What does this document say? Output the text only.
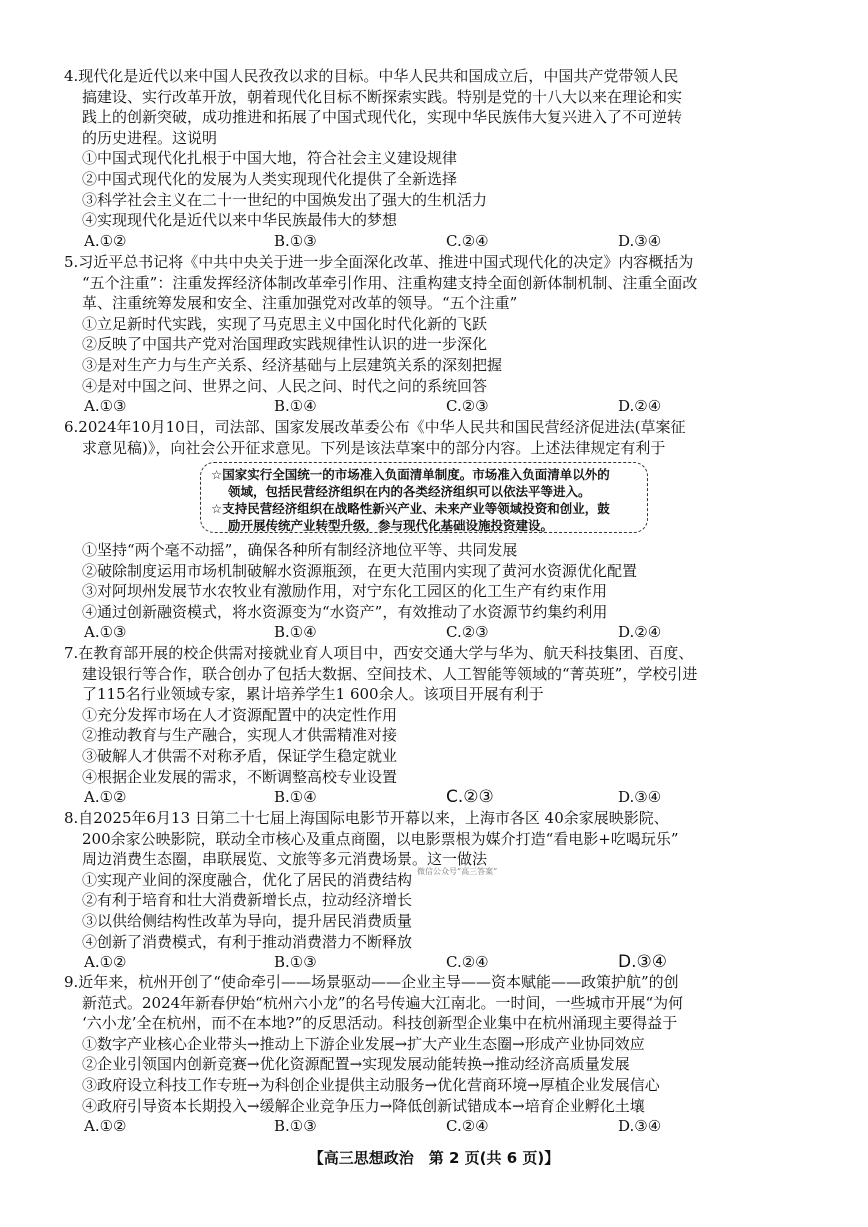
4.现代化是近代以来中国人民孜孜以求的目标。中华人民共和国成立后，中国共产党带领人民
搞建设、实行改革开放，朝着现代化目标不断探索实践。特别是党的十八大以来在理论和实
践上的创新突破，成功推进和拓展了中国式现代化，实现中华民族伟大复兴进入了不可逆转
的历史进程。这说明
①中国式现代化扎根于中国大地，符合社会主义建设规律
②中国式现代化的发展为人类实现现代化提供了全新选择
③科学社会主义在二十一世纪的中国焕发出了强大的生机活力
④实现现代化是近代以来中华民族最伟大的梦想
A.①②	B.①③	C.②④	D.③④
5.习近平总书记将《中共中央关于进一步全面深化改革、推进中国式现代化的决定》内容概括为
“五个注重”：注重发挥经济体制改革牵引作用、注重构建支持全面创新体制机制、注重全面改
革、注重统筹发展和安全、注重加强党对改革的领导。“五个注重”
①立足新时代实践，实现了马克思主义中国化时代化新的飞跃
②反映了中国共产党对治国理政实践规律性认识的进一步深化
③是对生产力与生产关系、经济基础与上层建筑关系的深刻把握
④是对中国之问、世界之问、人民之问、时代之问的系统回答
A.①③	B.①④	C.②③	D.②④
6.2024年10月10日，司法部、国家发展改革委公布《中华人民共和国民营经济促进法(草案征
求意见稿)》，向社会公开征求意见。下列是该法草案中的部分内容。上述法律规定有利于
☆国家实行全国统一的市场准入负面清单制度。市场准入负面清单以外的
领域，包括民营经济组织在内的各类经济组织可以依法平等进入。
☆支持民营经济组织在战略性新兴产业、未来产业等领域投资和创业，鼓
励开展传统产业转型升级，参与现代化基础设施投资建设。
①坚持“两个毫不动摇”，确保各种所有制经济地位平等、共同发展
②破除制度运用市场机制破解水资源瓶颈，在更大范围内实现了黄河水资源优化配置
③对阿坝州发展节水农牧业有激励作用，对宁东化工园区的化工生产有约束作用
④通过创新融资模式，将水资源变为“水资产”，有效推动了水资源节约集约利用
A.①③	B.①④	C.②③	D.②④
7.在教育部开展的校企供需对接就业育人项目中，西安交通大学与华为、航天科技集团、百度、
建设银行等合作，联合创办了包括大数据、空间技术、人工智能等领域的“菁英班”，学校引进
了115名行业领域专家，累计培养学生1 600余人。该项目开展有利于
①充分发挥市场在人才资源配置中的决定性作用
②推动教育与生产融合，实现人才供需精准对接
③破解人才供需不对称矛盾，保证学生稳定就业
④根据企业发展的需求，不断调整高校专业设置
A.①②	B.①④	C.②③	D.③④
8.自2025年6月13 日第二十七届上海国际电影节开幕以来，上海市各区 40余家展映影院、
200余家公映影院，联动全市核心及重点商圈，以电影票根为媒介打造“看电影+吃喝玩乐”
周边消费生态圈，串联展览、文旅等多元消费场景。这一做法
①实现产业间的深度融合，优化了居民的消费结构
②有利于培育和壮大消费新增长点，拉动经济增长
③以供给侧结构性改革为导向，提升居民消费质量
④创新了消费模式，有利于推动消费潜力不断释放
A.①②	B.①③	C.②④	D.③④
微信公众号“高三答案”
9.近年来，杭州开创了“使命牵引——场景驱动——企业主导——资本赋能——政策护航”的创
新范式。2024年新春伊始“杭州六小龙”的名号传遍大江南北。一时间，一些城市开展“为何
‘六小龙’全在杭州，而不在本地?”的反思活动。科技创新型企业集中在杭州涌现主要得益于
①数字产业核心企业带头→推动上下游企业发展→扩大产业生态圈→形成产业协同效应
②企业引领国内创新竞赛→优化资源配置→实现发展动能转换→推动经济高质量发展
③政府设立科技工作专班→为科创企业提供主动服务→优化营商环境→厚植企业发展信心
④政府引导资本长期投入→缓解企业竞争压力→降低创新试错成本→培育企业孵化土壤
A.①②	B.①③	C.②④	D.③④
【高三思想政治　第 2 页(共 6 页)】
